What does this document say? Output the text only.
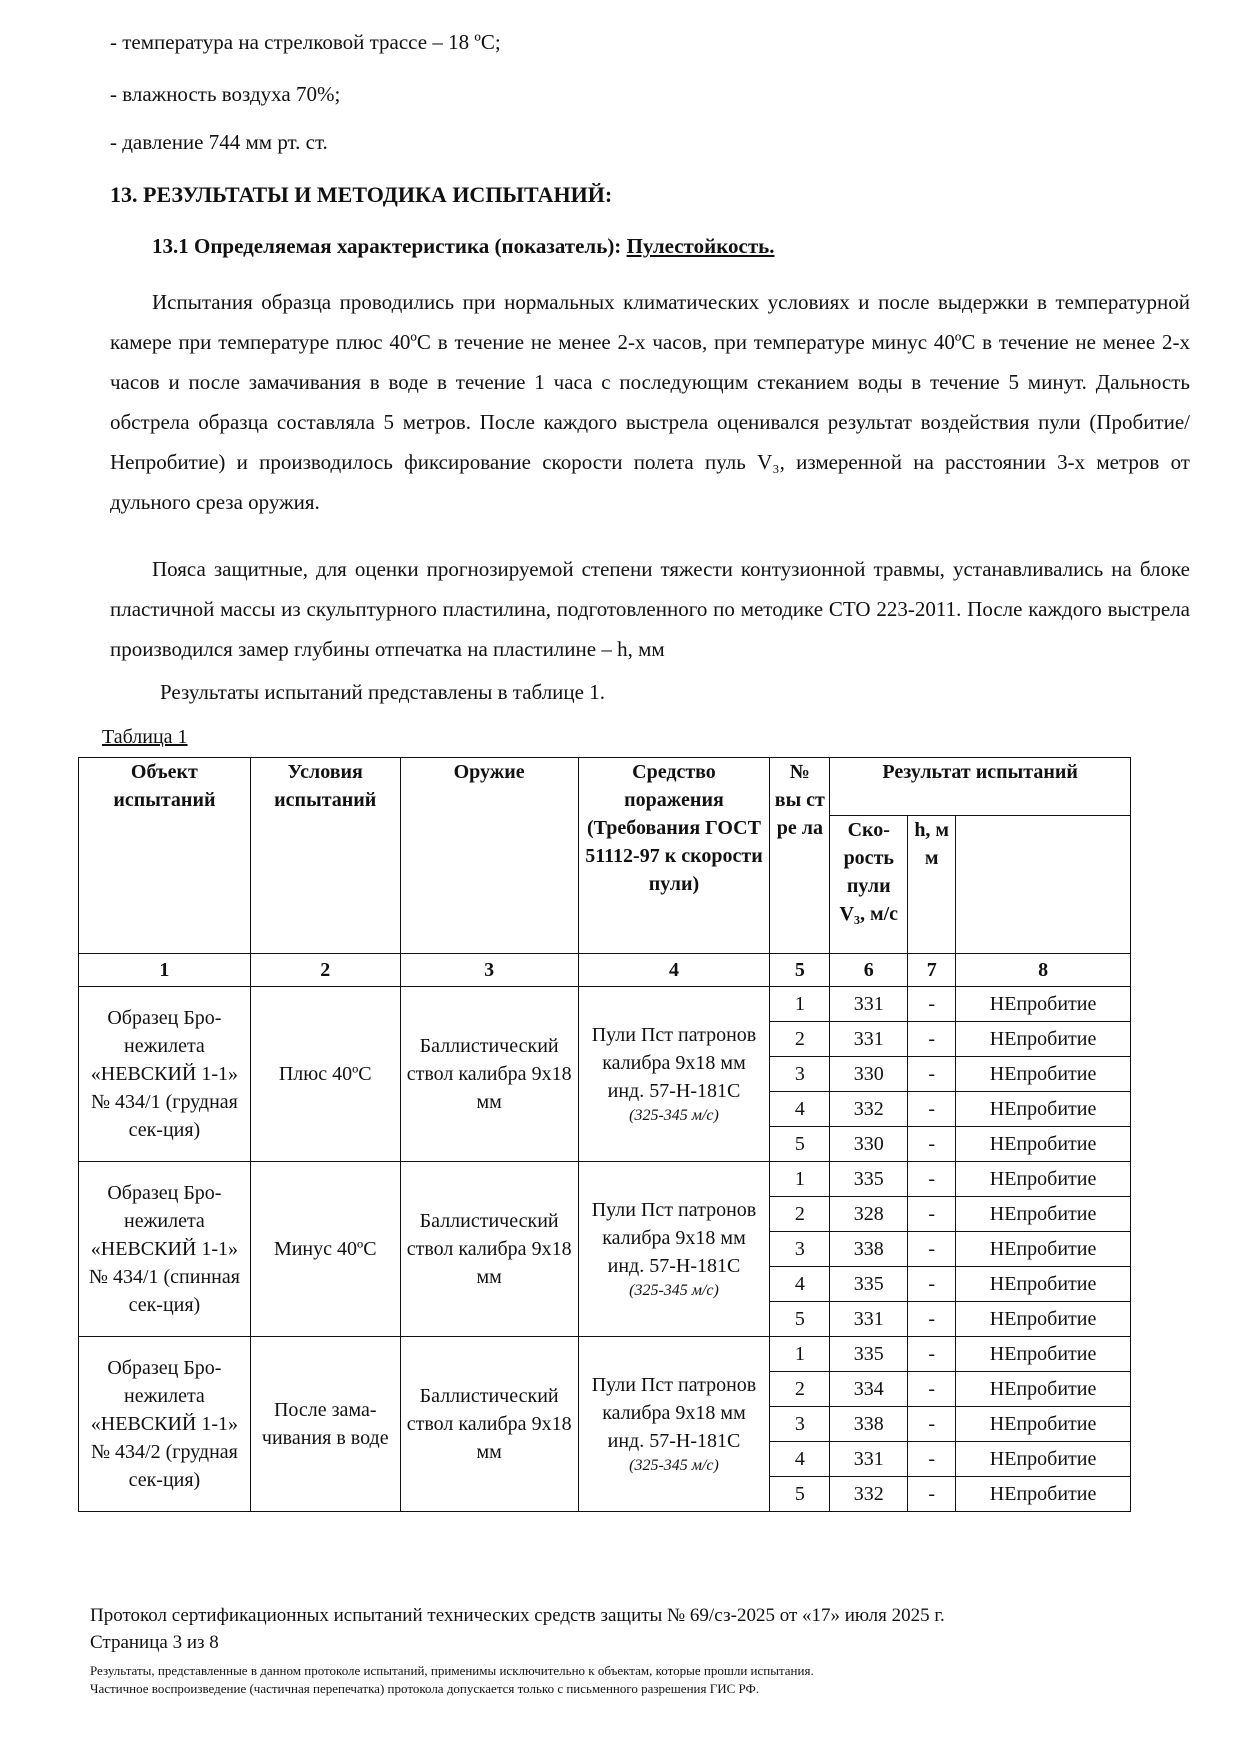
- температура на стрелковой трассе – 18 ºС;
- влажность воздуха 70%;
- давление 744 мм рт. ст.
13. РЕЗУЛЬТАТЫ И МЕТОДИКА ИСПЫТАНИЙ:
13.1 Определяемая характеристика (показатель): Пулестойкость.
Испытания образца проводились при нормальных климатических условиях и после выдержки в температурной камере при температуре плюс 40ºС в течение не менее 2-х часов, при температуре минус 40ºС в течение не менее 2-х часов и после замачивания в воде в течение 1 часа с последующим стеканием воды в течение 5 минут. Дальность обстрела образца составляла 5 метров. После каждого выстрела оценивался результат воздействия пули (Пробитие/Непробитие) и производилось фиксирование скорости полета пуль V₃, измеренной на расстоянии 3-х метров от дульного среза оружия.
Пояса защитные, для оценки прогнозируемой степени тяжести контузионной травмы, устанавливались на блоке пластичной массы из скульптурного пластилина, подготовленного по методике СТО 223-2011. После каждого выстрела производился замер глубины отпечатка на пластилине – h, мм
Результаты испытаний представлены в таблице 1.
Таблица 1
Объект испытаний	Условия испытаний	Оружие	Средство поражения (Требования ГОСТ 51112-97 к скорости пули)	№ вы ст ре ла	Результат испытаний		
					Ско-рость пули V₃, м/с	h, м м	
1	2	3	4	5	6	7	8
Образец Бро-нежилета «НЕВСКИЙ 1-1» № 434/1 (грудная сек-ция)	Плюс 40ºС	Баллистический ствол калибра 9х18 мм	Пули Пст патронов калибра 9х18 мм инд. 57-Н-181С
(325-345 м/с)	1	331	-	НЕпробитие
				2	331	-	НЕпробитие
				3	330	-	НЕпробитие
				4	332	-	НЕпробитие
				5	330	-	НЕпробитие
Образец Бро-нежилета «НЕВСКИЙ 1-1» № 434/1 (спинная сек-ция)	Минус 40ºС	Баллистический ствол калибра 9х18 мм	Пули Пст патронов калибра 9х18 мм инд. 57-Н-181С
(325-345 м/с)	1	335	-	НЕпробитие
				2	328	-	НЕпробитие
				3	338	-	НЕпробитие
				4	335	-	НЕпробитие
				5	331	-	НЕпробитие
Образец Бро-нежилета «НЕВСКИЙ 1-1» № 434/2 (грудная сек-ция)	После зама-чивания в воде	Баллистический ствол калибра 9х18 мм	Пули Пст патронов калибра 9х18 мм инд. 57-Н-181С
(325-345 м/с)	1	335	-	НЕпробитие
				2	334	-	НЕпробитие
				3	338	-	НЕпробитие
				4	331	-	НЕпробитие
				5	332	-	НЕпробитие
Протокол сертификационных испытаний технических средств защиты № 69/сз-2025 от «17» июля 2025 г.
Страница 3 из 8
Результаты, представленные в данном протоколе испытаний, применимы исключительно к объектам, которые прошли испытания.
Частичное воспроизведение (частичная перепечатка) протокола допускается только с письменного разрешения ГИС РФ.
